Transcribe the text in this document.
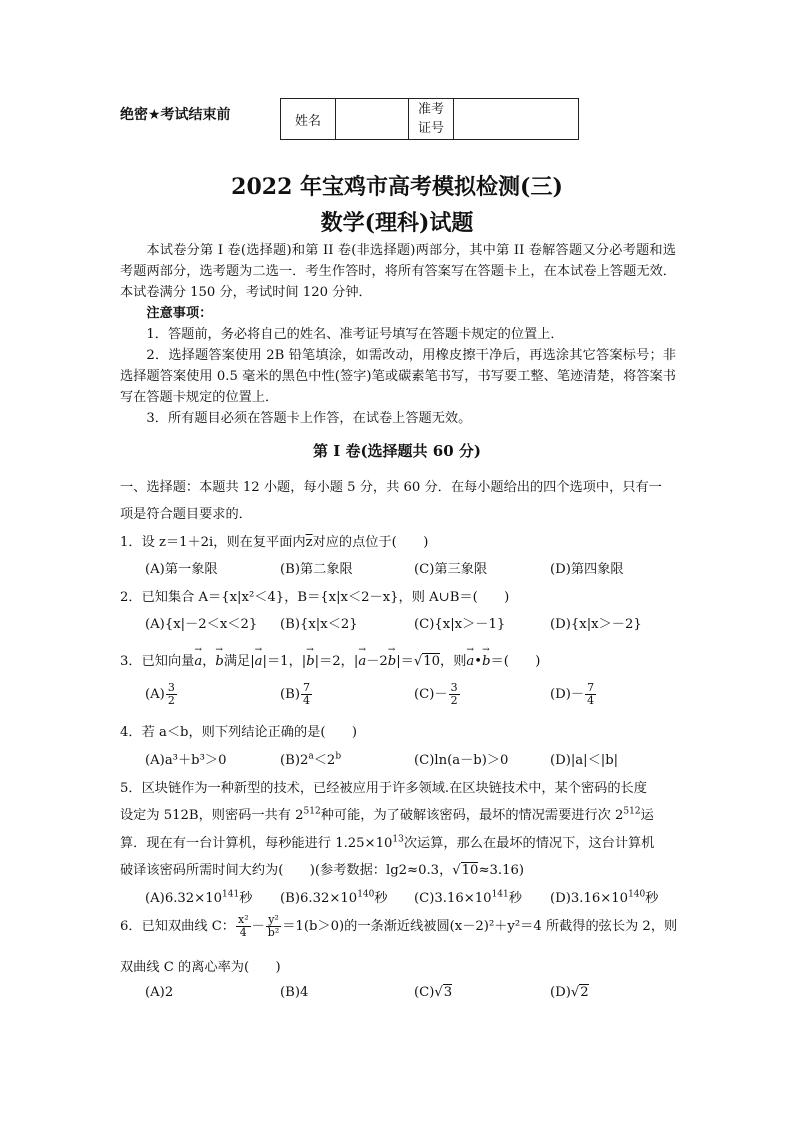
绝密★考试结束前	姓名		准考
证号	
2022 年宝鸡市高考模拟检测(三)
数学(理科)试题
本试卷分第 I 卷(选择题)和第 II 卷(非选择题)两部分，其中第 II 卷解答题又分必考题和选考题两部分，选考题为二选一．考生作答时，将所有答案写在答题卡上，在本试卷上答题无效．本试卷满分 150 分，考试时间 120 分钟．
注意事项：
1．答题前，务必将自己的姓名、准考证号填写在答题卡规定的位置上．
2．选择题答案使用 2B 铅笔填涂，如需改动，用橡皮擦干净后，再选涂其它答案标号；非选择题答案使用 0.5 毫米的黑色中性(签字)笔或碳素笔书写，书写要工整、笔迹清楚，将答案书写在答题卡规定的位置上．
3．所有题目必须在答题卡上作答，在试卷上答题无效。
第 I 卷(选择题共 60 分)
一、选择题：本题共 12 小题，每小题 5 分，共 60 分．在每小题给出的四个选项中，只有一
项是符合题目要求的．
1．设 z＝1＋2i，则在复平面内$\overline{z}$对应的点位于(　　)
(A)第一象限	(B)第二象限	(C)第三象限	(D)第四象限
2．已知集合 A＝{x|x²＜4}，B＝{x|x＜2－x}，则 A∪B＝(　　)
(A){x|－2＜x＜2} (B){x|x＜2}	(C){x|x＞－1}	(D){x|x＞－2}
3．已知向量a →，b →满足|a →|＝1，|b →|＝2，|a →－2b →|＝√10，则a →•b →＝(　　)
$(A) \frac{3}{2}$	$(B) \frac{7}{4}$	$(C)- \frac{3}{2}$	$(D)- \frac{7}{4}$
4．若 a＜b，则下列结论正确的是(　　)
(A)a³＋b³＞0	$(B)2^a<2^b$	(C)ln(a－b)＞0	(D)|a|＜|b|
5．区块链作为一种新型的技术，已经被应用于许多领域.在区块链技术中，某个密码的长度
设定为 512B，则密码一共有 $2^{512}$种可能，为了破解该密码，最坏的情况需要进行次 $2^{512}$运
算．现在有一台计算机，每秒能进行 $1.25\times 10^{13}$次运算，那么在最坏的情况下，这台计算机
破译该密码所需时间大约为(　　)(参考数据：lg2≈0.3，√10≈3.16)
$(A)6.32\times 10^{141}$秒 $(B)6.32\times 10^{140}$秒 $(C)3.16\times 10^{141}$秒 $(D)3.16\times 10^{140}$秒
6．已知双曲线 C： $\frac{\text{x²}}{4} - \frac{\text{y²}}{\text{b²}} =1(b>0)$的一条渐近线被圆(x－2)²＋y²＝4 所截得的弦长为 2，则
双曲线 C 的离心率为(　　)
(A)2	(B)4	(C)√3	(D)√2
